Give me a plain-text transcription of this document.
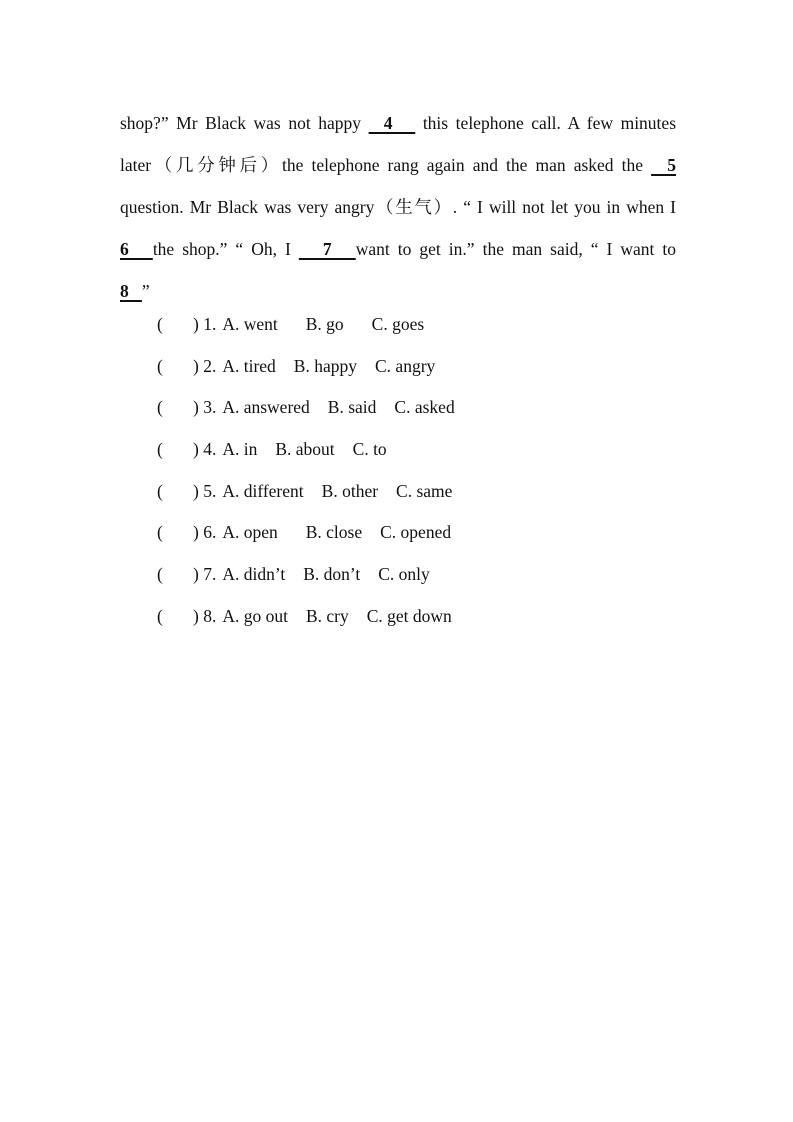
shop?” Mr Black was not happy   4    this telephone call. A few minutes
later（几分钟后）the telephone rang again and the man asked the   5
question. Mr Black was very angry（生气）. “ I will not let you in when I
6   the shop.” “ Oh, I    7   want to get in.” the man said, “ I want to
8   ”
(	)
1. A. went B. go C. goes
(	)
2. A. tired B. happy C. angry
(	)
3. A. answered B. said C. asked
(	)
4. A. in B. about C. to
(	)
5. A. different B. other C. same
(	)
6. A. open B. close C. opened
(	)
7. A. didn’t B. don’t C. only
(	)
8. A. go out B. cry C. get down
